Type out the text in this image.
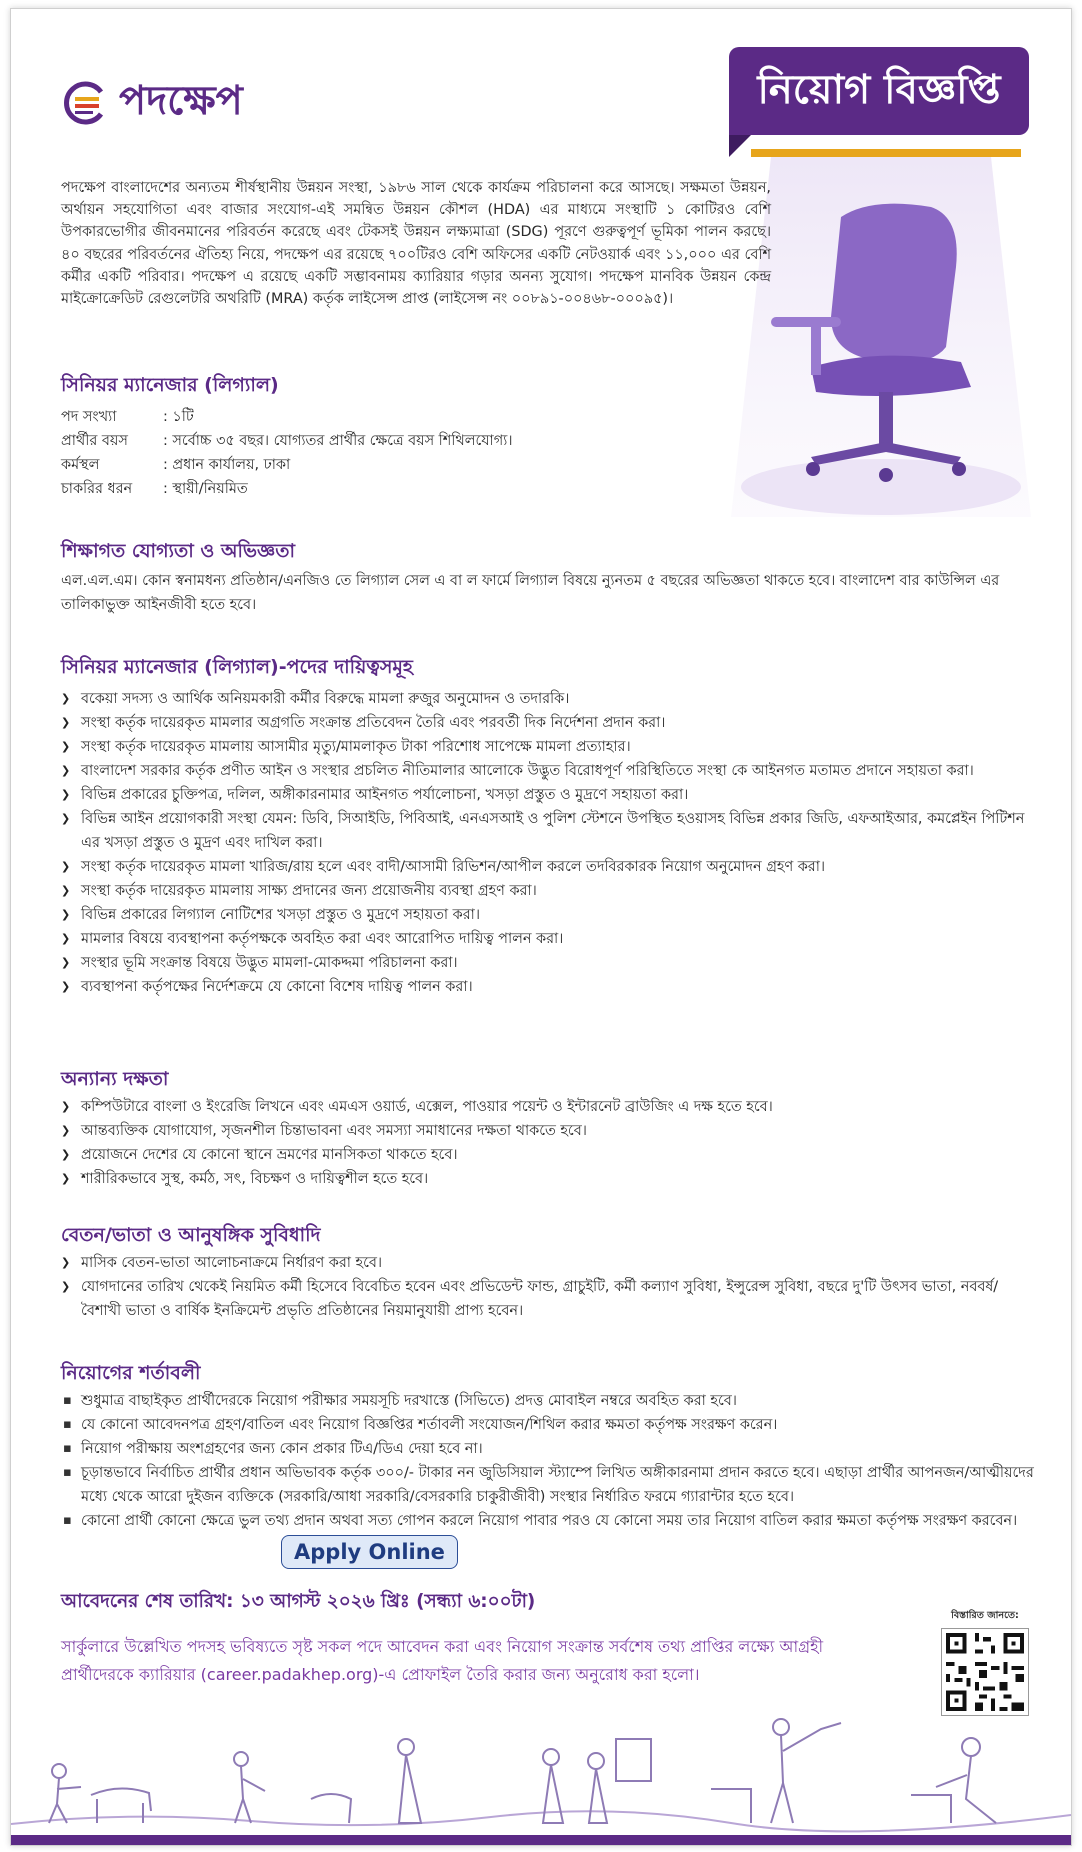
পদক্ষেপ	নিয়োগ বিজ্ঞপ্তি

পদক্ষেপ বাংলাদেশের অন্যতম শীর্ষস্থানীয় উন্নয়ন সংস্থা, ১৯৮৬ সাল থেকে কার্যক্রম পরিচালনা করে আসছে। সক্ষমতা উন্নয়ন, অর্থায়ন সহযোগিতা এবং বাজার সংযোগ-এই সমন্বিত উন্নয়ন কৌশল (HDA) এর মাধ্যমে সংস্থাটি ১ কোটিরও বেশি উপকারভোগীর জীবনমানের পরিবর্তন করেছে এবং টেকসই উন্নয়ন লক্ষ্যমাত্রা (SDG) পূরণে গুরুত্বপূর্ণ ভূমিকা পালন করছে। ৪০ বছরের পরিবর্তনের ঐতিহ্য নিয়ে, পদক্ষেপ এর রয়েছে ৭০০টিরও বেশি অফিসের একটি নেটওয়ার্ক এবং ১১,০০০ এর বেশি কর্মীর একটি পরিবার। পদক্ষেপ এ রয়েছে একটি সম্ভাবনাময় ক্যারিয়ার গড়ার অনন্য সুযোগ। পদক্ষেপ মানবিক উন্নয়ন কেন্দ্র মাইক্রোক্রেডিট রেগুলেটরি অথরিটি (MRA) কর্তৃক লাইসেন্স প্রাপ্ত (লাইসেন্স নং ০০৮৯১-০০৪৬৮-০০০৯৫)।

সিনিয়র ম্যানেজার (লিগ্যাল)
পদ সংখ্যা	: ১টি
প্রার্থীর বয়স	: সর্বোচ্চ ৩৫ বছর। যোগ্যতর প্রার্থীর ক্ষেত্রে বয়স শিথিলযোগ্য।
কর্মস্থল	: প্রধান কার্যালয়, ঢাকা
চাকরির ধরন	: স্থায়ী/নিয়মিত
শিক্ষাগত যোগ্যতা ও অভিজ্ঞতা

এল.এল.এম। কোন স্বনামধন্য প্রতিষ্ঠান/এনজিও তে লিগ্যাল সেল এ বা ল ফার্মে লিগ্যাল বিষয়ে ন্যুনতম ৫ বছরের অভিজ্ঞতা থাকতে হবে। বাংলাদেশ বার কাউন্সিল এর তালিকাভুক্ত আইনজীবী হতে হবে।

সিনিয়র ম্যানেজার (লিগ্যাল)-পদের দায়িত্বসমূহ
❯ বকেয়া সদস্য ও আর্থিক অনিয়মকারী কর্মীর বিরুদ্ধে মামলা রুজুর অনুমোদন ও তদারকি।
❯ সংস্থা কর্তৃক দায়েরকৃত মামলার অগ্রগতি সংক্রান্ত প্রতিবেদন তৈরি এবং পরবর্তী দিক নির্দেশনা প্রদান করা।
❯ সংস্থা কর্তৃক দায়েরকৃত মামলায় আসামীর মৃত্যু/মামলাকৃত টাকা পরিশোধ সাপেক্ষে মামলা প্রত্যাহার।
❯ বাংলাদেশ সরকার কর্তৃক প্রণীত আইন ও সংস্থার প্রচলিত নীতিমালার আলোকে উদ্ভুত বিরোধপূর্ণ পরিস্থিতিতে সংস্থা কে আইনগত মতামত প্রদানে সহায়তা করা।
❯ বিভিন্ন প্রকারের চুক্তিপত্র, দলিল, অঙ্গীকারনামার আইনগত পর্যালোচনা, খসড়া প্রস্তুত ও মুদ্রণে সহায়তা করা।
❯ বিভিন্ন আইন প্রয়োগকারী সংস্থা যেমন: ডিবি, সিআইডি, পিবিআই, এনএসআই ও পুলিশ স্টেশনে উপস্থিত হওয়াসহ বিভিন্ন প্রকার জিডি, এফআইআর, কমপ্লেইন পিটিশন এর খসড়া প্রস্তুত ও মুদ্রণ এবং দাখিল করা।
❯ সংস্থা কর্তৃক দায়েরকৃত মামলা খারিজ/রায় হলে এবং বাদী/আসামী রিভিশন/আপীল করলে তদবিরকারক নিয়োগ অনুমোদন গ্রহণ করা।
❯ সংস্থা কর্তৃক দায়েরকৃত মামলায় সাক্ষ্য প্রদানের জন্য প্রয়োজনীয় ব্যবস্থা গ্রহণ করা।
❯ বিভিন্ন প্রকারের লিগ্যাল নোটিশের খসড়া প্রস্তুত ও মুদ্রণে সহায়তা করা।
❯ মামলার বিষয়ে ব্যবস্থাপনা কর্তৃপক্ষকে অবহিত করা এবং আরোপিত দায়িত্ব পালন করা।
❯ সংস্থার ভূমি সংক্রান্ত বিষয়ে উদ্ভুত মামলা-মোকদ্দমা পরিচালনা করা।
❯ ব্যবস্থাপনা কর্তৃপক্ষের নির্দেশক্রমে যে কোনো বিশেষ দায়িত্ব পালন করা।
অন্যান্য দক্ষতা
❯ কম্পিউটারে বাংলা ও ইংরেজি লিখনে এবং এমএস ওয়ার্ড, এক্সেল, পাওয়ার পয়েন্ট ও ইন্টারনেট ব্রাউজিং এ দক্ষ হতে হবে।
❯ আন্তব্যক্তিক যোগাযোগ, সৃজনশীল চিন্তাভাবনা এবং সমস্যা সমাধানের দক্ষতা থাকতে হবে।
❯ প্রয়োজনে দেশের যে কোনো স্থানে ভ্রমণের মানসিকতা থাকতে হবে।
❯ শারীরিকভাবে সুস্থ, কর্মঠ, সৎ, বিচক্ষণ ও দায়িত্বশীল হতে হবে।
বেতন/ভাতা ও আনুষঙ্গিক সুবিধাদি
❯ মাসিক বেতন-ভাতা আলোচনাক্রমে নির্ধারণ করা হবে।
❯ যোগদানের তারিখ থেকেই নিয়মিত কর্মী হিসেবে বিবেচিত হবেন এবং প্রভিডেন্ট ফান্ড, গ্রাচুইটি, কর্মী কল্যাণ সুবিধা, ইন্সুরেন্স সুবিধা, বছরে দু'টি উৎসব ভাতা, নববর্ষ/বৈশাখী ভাতা ও বার্ষিক ইনক্রিমেন্ট প্রভৃতি প্রতিষ্ঠানের নিয়মানুযায়ী প্রাপ্য হবেন।
নিয়োগের শর্তাবলী
▪ শুধুমাত্র বাছাইকৃত প্রার্থীদেরকে নিয়োগ পরীক্ষার সময়সূচি দরখাস্তে (সিভিতে) প্রদত্ত মোবাইল নম্বরে অবহিত করা হবে।
▪ যে কোনো আবেদনপত্র গ্রহণ/বাতিল এবং নিয়োগ বিজ্ঞপ্তির শর্তাবলী সংযোজন/শিথিল করার ক্ষমতা কর্তৃপক্ষ সংরক্ষণ করেন।
▪ নিয়োগ পরীক্ষায় অংশগ্রহণের জন্য কোন প্রকার টিএ/ডিএ দেয়া হবে না।
▪ চূড়ান্তভাবে নির্বাচিত প্রার্থীর প্রধান অভিভাবক কর্তৃক ৩০০/- টাকার নন জুডিসিয়াল স্ট্যাম্পে লিখিত অঙ্গীকারনামা প্রদান করতে হবে। এছাড়া প্রার্থীর আপনজন/আত্মীয়দের মধ্যে থেকে আরো দুইজন ব্যক্তিকে (সরকারি/আধা সরকারি/বেসরকারি চাকুরীজীবী) সংস্থার নির্ধারিত ফরমে গ্যারান্টার হতে হবে।
▪ কোনো প্রার্থী কোনো ক্ষেত্রে ভুল তথ্য প্রদান অথবা সত্য গোপন করলে নিয়োগ পাবার পরও যে কোনো সময় তার নিয়োগ বাতিল করার ক্ষমতা কর্তৃপক্ষ সংরক্ষণ করবেন।
Apply Online

আবেদনের শেষ তারিখ: ১৩ আগস্ট ২০২৬ খ্রিঃ (সন্ধ্যা ৬:০০টা)

সার্কুলারে উল্লেখিত পদসহ ভবিষ্যতে সৃষ্ট সকল পদে আবেদন করা এবং নিয়োগ সংক্রান্ত সর্বশেষ তথ্য প্রাপ্তির লক্ষ্যে আগ্রহী প্রার্থীদেরকে ক্যারিয়ার (career.padakhep.org)-এ প্রোফাইল তৈরি করার জন্য অনুরোধ করা হলো।

বিস্তারিত জানতে:
